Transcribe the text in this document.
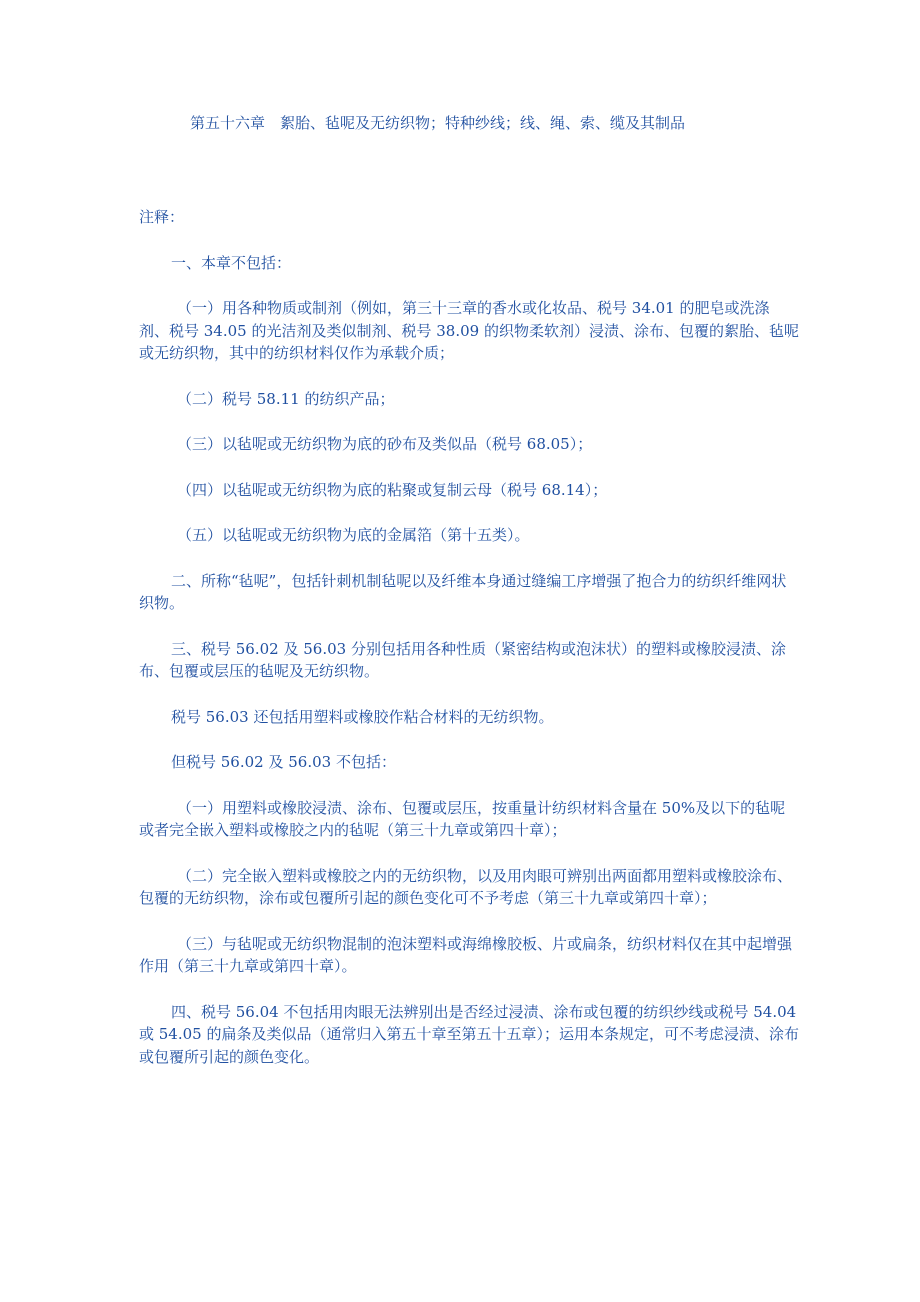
第五十六章　絮胎、毡呢及无纺织物；特种纱线；线、绳、索、缆及其制品
注释：

一、本章不包括：

（一）用各种物质或制剂（例如，第三十三章的香水或化妆品、税号 34.01 的肥皂或洗涤剂、税号 34.05 的光洁剂及类似制剂、税号 38.09 的织物柔软剂）浸渍、涂布、包覆的絮胎、毡呢或无纺织物，其中的纺织材料仅作为承载介质；

（二）税号 58.11 的纺织产品；

（三）以毡呢或无纺织物为底的砂布及类似品（税号 68.05）；

（四）以毡呢或无纺织物为底的粘聚或复制云母（税号 68.14）；

（五）以毡呢或无纺织物为底的金属箔（第十五类）。

二、所称“毡呢”，包括针刺机制毡呢以及纤维本身通过缝编工序增强了抱合力的纺织纤维网状织物。

三、税号 56.02 及 56.03 分别包括用各种性质（紧密结构或泡沫状）的塑料或橡胶浸渍、涂布、包覆或层压的毡呢及无纺织物。

税号 56.03 还包括用塑料或橡胶作粘合材料的无纺织物。

但税号 56.02 及 56.03 不包括：

（一）用塑料或橡胶浸渍、涂布、包覆或层压，按重量计纺织材料含量在 50%及以下的毡呢或者完全嵌入塑料或橡胶之内的毡呢（第三十九章或第四十章）；

（二）完全嵌入塑料或橡胶之内的无纺织物，以及用肉眼可辨别出两面都用塑料或橡胶涂布、包覆的无纺织物，涂布或包覆所引起的颜色变化可不予考虑（第三十九章或第四十章）；

（三）与毡呢或无纺织物混制的泡沫塑料或海绵橡胶板、片或扁条，纺织材料仅在其中起增强作用（第三十九章或第四十章）。

四、税号 56.04 不包括用肉眼无法辨别出是否经过浸渍、涂布或包覆的纺织纱线或税号 54.04 或 54.05 的扁条及类似品（通常归入第五十章至第五十五章）；运用本条规定，可不考虑浸渍、涂布或包覆所引起的颜色变化。
